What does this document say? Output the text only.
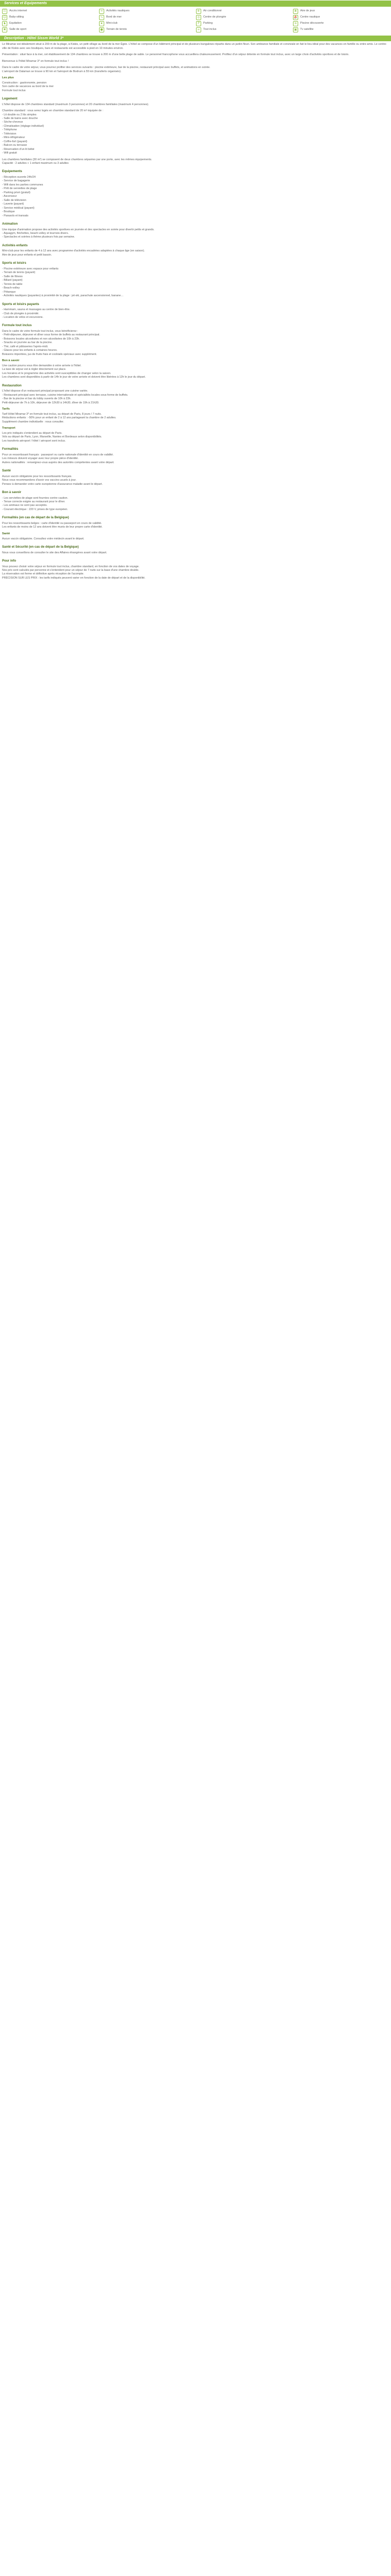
Services et Equipements
☷	Accès internet	≈	Activités nautiques	❄	Air conditionné	❀	Aire de jeux
☺	Baby-sitting	∿	Bord de mer	◎	Centre de plongée	⛵ Centre nautique
♞	Equitation	★	Mini-club	P	Parking	≋	Piscine découverte
✖	Salle de sport	●	Terrain de tennis	∞	Tout inclus	▣	Tv satellite
Description - Hôtel Sissm World 3*

Le Miramar est idéalement situé à 200 m de la plage, à Kiskis, un petit village au bord de la mer Égée. L'hôtel se compose d'un bâtiment principal et de plusieurs bungalows répartis dans un jardin fleuri. Son ambiance familiale et conviviale en fait le lieu idéal pour des vacances en famille ou entre amis. Le centre-ville de Kiskis avec ses boutiques, bars et restaurants est accessible à pied en 10 minutes environ.

Présentation : situé face à la mer, cet établissement de 134 chambres se trouve à 200 m d'une belle plage de sable. Le personnel francophone vous accueillera chaleureusement. Profitez d'un séjour détente en formule tout inclus, avec un large choix d'activités sportives et de loisirs.

Bienvenue à l'hôtel Miramar 3* en formule tout inclus !

Dans le cadre de votre séjour, vous pourrez profiter des services suivants : piscine extérieure, bar de la piscine, restaurant principal avec buffets, et animations en soirée.

L'aéroport de Dalaman se trouve à 90 km et l'aéroport de Bodrum à 55 km (transferts organisés).

Les plus

Construction : gastronomie, pension

Son cadre de vacances au bord de la mer

Formule tout inclus

Logement

L'hôtel dispose de 134 chambres standard (maximum 3 personnes) et 20 chambres familiales (maximum 4 personnes).

Chambre standard : vous serez logés en chambre standard de 20 m² équipée de :

- Lit double ou 2 lits simples

- Salle de bains avec douche

- Sèche-cheveux

- Climatisation (réglage individuel)

- Téléphone

- Télévision

- Mini-réfrigérateur

- Coffre-fort (payant)

- Balcon ou terrasse

- Réservation d'un lit bébé

- Wifi gratuit

Les chambres familiales (30 m²) se composent de deux chambres séparées par une porte, avec les mêmes équipements.

Capacité : 2 adultes + 1 enfant maximum ou 3 adultes

Equipements

- Réception ouverte 24h/24

- Service de bagagerie

- Wifi dans les parties communes

- Prêt de serviettes de plage

- Parking privé (gratuit)

- Ascenseur

- Salle de télévision

- Laverie (payant)

- Service médical (payant)

- Boutique

- Parasols et transats

Animation

Une équipe d'animation propose des activités sportives en journée et des spectacles en soirée pour divertir petits et grands.

- Aquagym, fléchettes, beach-volley et tournois divers.

- Spectacles et soirées à thème plusieurs fois par semaine.

Activités enfants

Mini-club pour les enfants de 4 à 12 ans avec programme d'activités encadrées adaptées à chaque âge (en saison).

Aire de jeux pour enfants et petit bassin.

Sports et loisirs

- Piscine extérieure avec espace pour enfants

- Terrain de tennis (payant)

- Salle de fitness

- Billard (payant)

- Tennis de table

- Beach-volley

- Pétanque

- Activités nautiques (payantes) à proximité de la plage : jet-ski, parachute ascensionnel, banane…

Sports et loisirs payants

- Hammam, sauna et massages au centre de bien-être.

- Club de plongée à proximité.

- Location de vélos et excursions.

Formule tout inclus

Dans le cadre de votre formule tout inclus, vous bénéficierez :

- Petit-déjeuner, déjeuner et dîner sous forme de buffets au restaurant principal.

- Boissons locales alcoolisées et non alcoolisées de 10h à 23h.

- Snacks en journée au bar de la piscine.

- Thé, café et pâtisseries l'après-midi.

- Glaces pour les enfants à certaines heures.

Boissons importées, jus de fruits frais et cocktails spéciaux avec supplément.

Bon à savoir

Une caution pourra vous être demandée à votre arrivée à l'hôtel.

La taxe de séjour est à régler directement sur place.

Les horaires et le programme des activités sont susceptibles de changer selon la saison.

Les chambres sont disponibles à partir de 14h le jour de votre arrivée et doivent être libérées à 12h le jour du départ.

Restauration

L'hôtel dispose d'un restaurant principal proposant une cuisine variée.

- Restaurant principal avec terrasse, cuisine internationale et spécialités locales sous forme de buffets.

- Bar de la piscine et bar du lobby ouverts de 10h à 23h.

Petit-déjeuner de 7h à 10h, déjeuner de 12h30 à 14h30, dîner de 19h à 21h30.

Tarifs

Tarif Hôtel Miramar 3* en formule tout inclus, au départ de Paris, 8 jours / 7 nuits.

Réductions enfants : -50% pour un enfant de 2 à 12 ans partageant la chambre de 2 adultes.

Supplément chambre individuelle : nous consulter.

Transport

Les prix indiqués s'entendent au départ de Paris.

Vols au départ de Paris, Lyon, Marseille, Nantes et Bordeaux selon disponibilités.

Les transferts aéroport / hôtel / aéroport sont inclus.

Formalités

Pour un ressortissant français : passeport ou carte nationale d'identité en cours de validité.

Les mineurs doivent voyager avec leur propre pièce d'identité.

Autres nationalités : renseignez-vous auprès des autorités compétentes avant votre départ.

Santé

Aucun vaccin obligatoire pour les ressortissants français.

Nous vous recommandons d'avoir vos vaccins usuels à jour.

Pensez à demander votre carte européenne d'assurance maladie avant le départ.

Bon à savoir

- Les serviettes de plage sont fournies contre caution.

- Tenue correcte exigée au restaurant pour le dîner.

- Les animaux ne sont pas acceptés.

- Courant électrique : 220 V, prises de type européen.

Formalités (en cas de départ de la Belgique)

Pour les ressortissants belges : carte d'identité ou passeport en cours de validité.

Les enfants de moins de 12 ans doivent être munis de leur propre carte d'identité.

Santé

Aucun vaccin obligatoire. Consultez votre médecin avant le départ.

Santé et Sécurité (en cas de départ de la Belgique)

Nous vous conseillons de consulter le site des Affaires étrangères avant votre départ.

Pour info

Vous pouvez choisir votre séjour en formule tout inclus, chambre standard, en fonction de vos dates de voyage.

Nos prix sont calculés par personne et s'entendent pour un séjour de 7 nuits sur la base d'une chambre double.

La réservation est ferme et définitive après réception de l'acompte.

PRÉCISION SUR LES PRIX : les tarifs indiqués peuvent varier en fonction de la date de départ et de la disponibilité.
